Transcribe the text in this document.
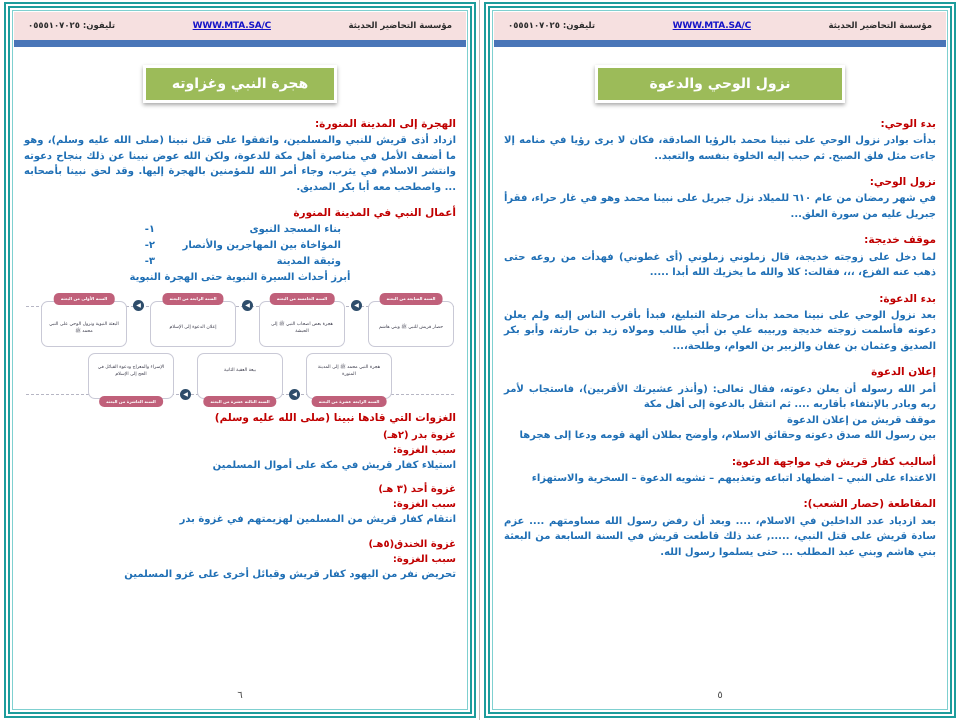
مؤسسة التحاضير الحديثة
WWW.MTA.SA/C
تليفون: ٠٥٥٥١٠٧٠٢٥
نزول الوحي والدعوة
بدء الوحي:
بدأت بوادر نزول الوحي على نبينا محمد بالرؤيا الصادقة، فكان لا يرى رؤيا في منامه إلا جاءت مثل فلق الصبح. ثم حبب إليه الخلوة بنفسه والتعبد..
نزول الوحي:
في شهر رمضان من عام ٦١٠ للميلاد نزل جبريل على نبينا محمد وهو في غار حراء، فقرأ جبريل عليه من سورة العلق...
موقف خديجة:
لما دخل على زوجته خديجة، قال زملوني زملوني (أى غطوني) فهدأت من روعه حتى ذهب عنه الفزع، ،،، فقالت: كلا والله ما يخزيك الله أبدا .....
بدء الدعوة:
بعد نزول الوحي على نبينا محمد بدأت مرحلة التبليغ، فبدأ بأقرب الناس إليه ولم يعلن دعوته فأسلمت زوجته خديجة وربيبه علي بن أبي طالب ومولاه زيد بن حارثة، وأبو بكر الصديق وعثمان بن عفان والزبير بن العوام، وطلحة،...
إعلان الدعوة
أمر الله رسوله أن يعلن دعوته، فقال تعالى: (وأنذر عشيرتك الأقربين)، فاستجاب لأمر ربه وبادر بالإنتفاء بأقاربه .... ثم انتقل بالدعوة إلى أهل مكة
موقف قريش من إعلان الدعوة
بين رسول الله صدق دعوته وحقائق الاسلام، وأوضح بطلان ألهة قومه ودعا إلى هجرها
أساليب كفار قريش في مواجهة الدعوة:
الاعتداء على النبي – اضطهاد اتباعه وتعذيبهم – تشويه الدعوة – السخرية والاستهزاء
المقاطعة (حصار الشعب):
بعد ازدياد عدد الداخلين في الاسلام، .... وبعد أن رفض رسول الله مساومتهم .... عزم سادة قريش على قتل النبي، ....., عند ذلك قاطعت قريش في السنة السابعة من البعثة بني هاشم وبني عبد المطلب ... حتى يسلموا رسول الله.
٥
مؤسسة التحاضير الحديثة
WWW.MTA.SA/C
تليفون: ٠٥٥٥١٠٧٠٢٥
هجرة النبي وغزاوته
الهجرة إلى المدينة المنورة:
ازداد أذى قريش للنبي والمسلمين، واتفقوا على قتل نبينا (صلى الله عليه وسلم)، وهو ما أضعف الأمل في مناصرة أهل مكة للدعوة، ولكن الله عوض نبينا عن ذلك بنجاح دعوته وانتشر الاسلام في يثرب، وجاء أمر الله للمؤمنين بالهجرة إليها. وقد لحق نبينا بأصحابه ... واصطحب معه أبا بكر الصديق.
أعمال النبي في المدينة المنورة
بناء المسجد النبوى
١-
المؤاخاة بين المهاجرين والأنصار
٢-
وثيقة المدينة
٣-
أبرز أحداث السيرة النبوية حتى الهجرة النبوية
السنة السابعة من البعثة
حصار قريش للنبي ﷺ وبني هاشم
◀
السنة الخامسة من البعثة
هجرة بعض اصحاب النبي ﷺ إلى الحبشة
◀
السنة الرابعة من البعثة
إعلان الدعوة إلى الإسلام
◀
السنة الأولى من البعثة
البعثة النبوية ونزول الوحي على النبي محمد ﷺ
السنة الرابعة عشرة من البعثة
هجرة النبي محمد ﷺ إلى المدينة المنورة
◀
السنة الثالثة عشرة من البعثة
بيعة العقبة الثانية
◀
السنة العاشرة من البعثة
الإسراء والمعراج ودعوة القبائل في الحج إلى الإسلام
الغزوات التي قادها نبينا (صلى الله عليه وسلم)
غزوة بدر (٢هـ)
سبب الغزوة:
استيلاء كفار قريش في مكة على أموال المسلمين
غزوة أحد (٣ هـ)
سبب الغزوة:
انتقام كفار قريش من المسلمين لهزيمتهم في غزوة بدر
غزوة الخندق(٥هـ)
سبب الغزوة:
تحريض نفر من اليهود كفار قريش وقبائل أخرى على غزو المسلمين
٦
